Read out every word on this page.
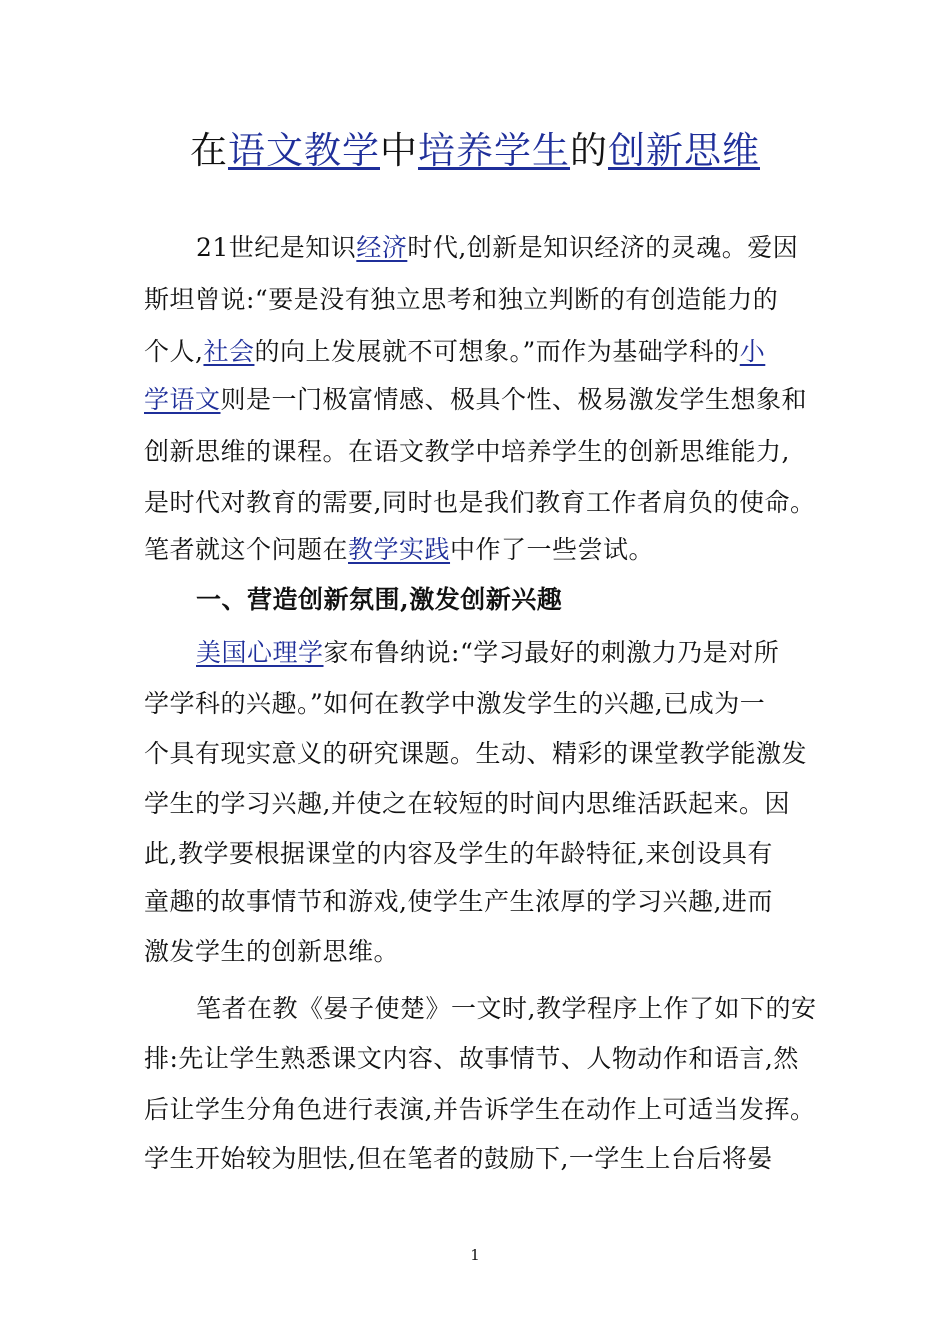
在语文教学中培养学生的创新思维
21世纪是知识经济时代,创新是知识经济的灵魂。爱因
斯坦曾说:“要是没有独立思考和独立判断的有创造能力的
个人,社会的向上发展就不可想象。”而作为基础学科的小
学语文则是一门极富情感、极具个性、极易激发学生想象和
创新思维的课程。在语文教学中培养学生的创新思维能力,
是时代对教育的需要,同时也是我们教育工作者肩负的使命。
笔者就这个问题在教学实践中作了一些尝试。
一、营造创新氛围,激发创新兴趣
美国心理学家布鲁纳说:“学习最好的刺激力乃是对所
学学科的兴趣。”如何在教学中激发学生的兴趣,已成为一
个具有现实意义的研究课题。生动、精彩的课堂教学能激发
学生的学习兴趣,并使之在较短的时间内思维活跃起来。因
此,教学要根据课堂的内容及学生的年龄特征,来创设具有
童趣的故事情节和游戏,使学生产生浓厚的学习兴趣,进而
激发学生的创新思维。
笔者在教《晏子使楚》一文时,教学程序上作了如下的安
排:先让学生熟悉课文内容、故事情节、人物动作和语言,然
后让学生分角色进行表演,并告诉学生在动作上可适当发挥。
学生开始较为胆怯,但在笔者的鼓励下,一学生上台后将晏
1
